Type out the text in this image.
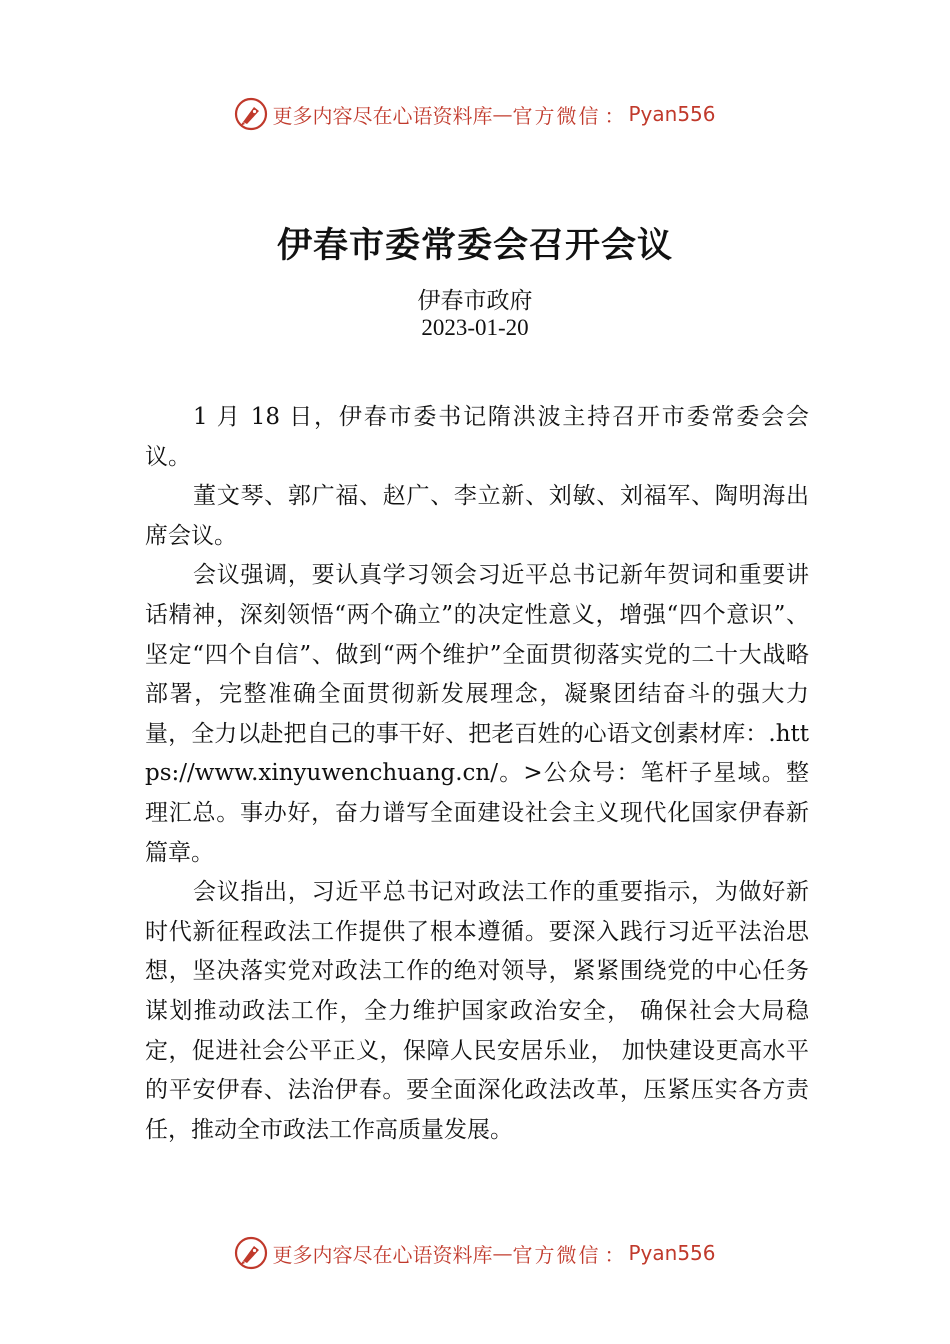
更多内容尽在心语资料库 — 官方微信 ： Pyan556
伊春市委常委会召开会议
伊春市政府
2023-01-20

1 月 18 日，伊春市委书记隋洪波主持召开市委常委会会议。

董文琴、郭广福、赵广、李立新、刘敏、刘福军、陶明海出席会议。

会议强调，要认真学习领会习近平总书记新年贺词和重要讲话精神，深刻领悟“两个确立”的决定性意义，增强“四个意识”、坚定“四个自信”、做到“两个维护”全面贯彻落实党的二十大战略部署，完整准确全面贯彻新发展理念，凝聚团结奋斗的强大力量，全力以赴把自己的事干好、把老百姓的心语文创素材库：.https://www.xinyuwenchuang.cn/。>公众号：笔杆子星域。整理汇总。事办好，奋力谱写全面建设社会主义现代化国家伊春新篇章。

会议指出，习近平总书记对政法工作的重要指示，为做好新时代新征程政法工作提供了根本遵循。要深入践行习近平法治思想，坚决落实党对政法工作的绝对领导，紧紧围绕党的中心任务谋划推动政法工作，全力维护国家政治安全， 确保社会大局稳定，促进社会公平正义，保障人民安居乐业， 加快建设更高水平的平安伊春、法治伊春。要全面深化政法改革，压紧压实各方责任，推动全市政法工作高质量发展。

更多内容尽在心语资料库 — 官方微信 ： Pyan556
